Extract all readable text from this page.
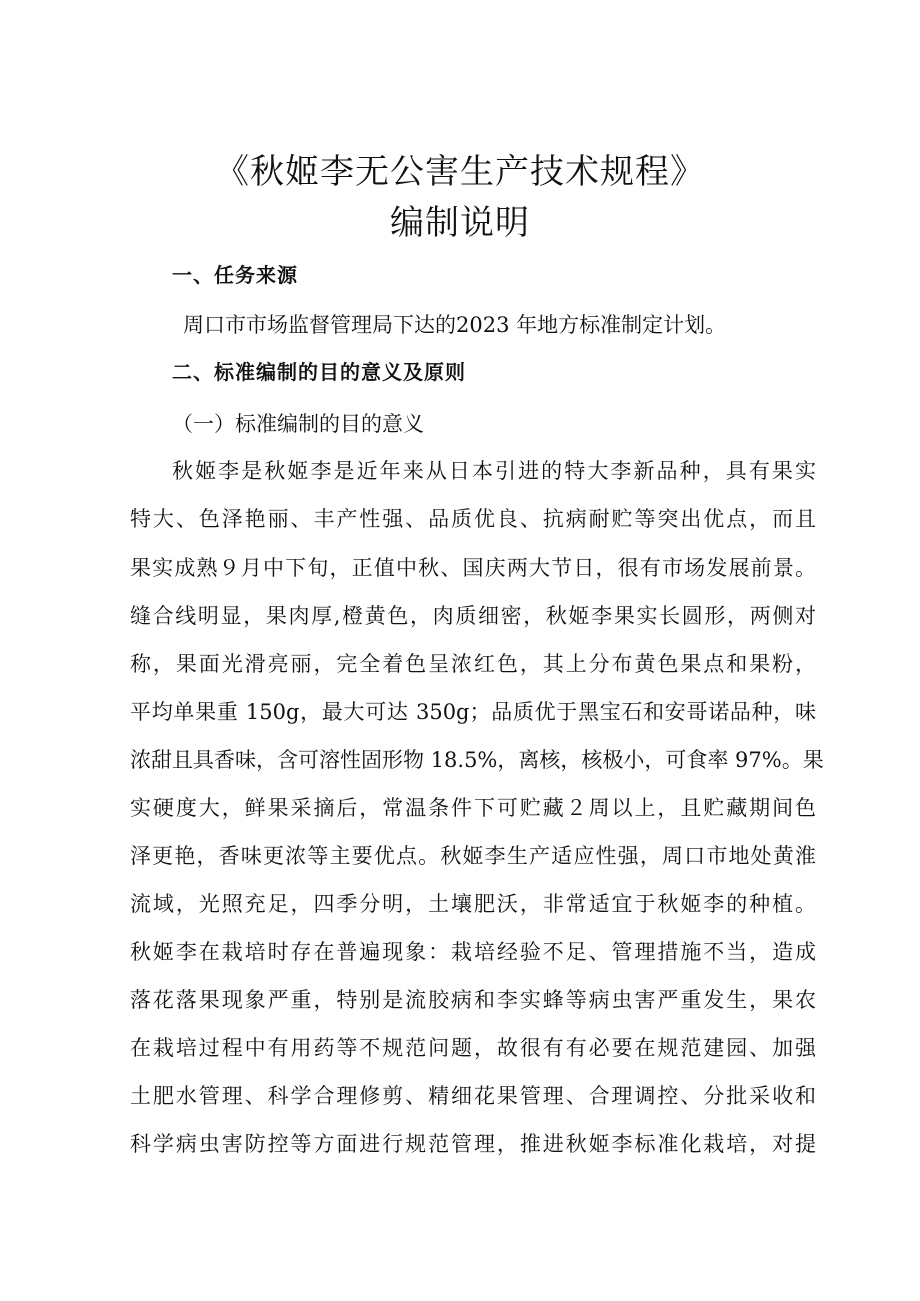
《秋姬李无公害生产技术规程》
编制说明
一、任务来源
周口市市场监督管理局下达的2023 年地方标准制定计划。
二、标准编制的目的意义及原则
（一）标准编制的目的意义
秋姬李是秋姬李是近年来从日本引进的特大李新品种，具有果实
特大、色泽艳丽、丰产性强、品质优良、抗病耐贮等突出优点，而且
果实成熟９月中下旬，正值中秋、国庆两大节日，很有市场发展前景。
缝合线明显，果肉厚,橙黄色，肉质细密，秋姬李果实长圆形，两侧对
称，果面光滑亮丽，完全着色呈浓红色，其上分布黄色果点和果粉，
平均单果重 150g，最大可达 350g；品质优于黑宝石和安哥诺品种，味
浓甜且具香味，含可溶性固形物 18.5%，离核，核极小，可食率 97%。果
实硬度大，鲜果采摘后，常温条件下可贮藏２周以上，且贮藏期间色
泽更艳，香味更浓等主要优点。秋姬李生产适应性强，周口市地处黄淮
流域，光照充足，四季分明，土壤肥沃，非常适宜于秋姬李的种植。
秋姬李在栽培时存在普遍现象：栽培经验不足、管理措施不当，造成
落花落果现象严重，特别是流胶病和李实蜂等病虫害严重发生，果农
在栽培过程中有用药等不规范问题，故很有有必要在规范建园、加强
土肥水管理、科学合理修剪、精细花果管理、合理调控、分批采收和
科学病虫害防控等方面进行规范管理，推进秋姬李标准化栽培，对提
